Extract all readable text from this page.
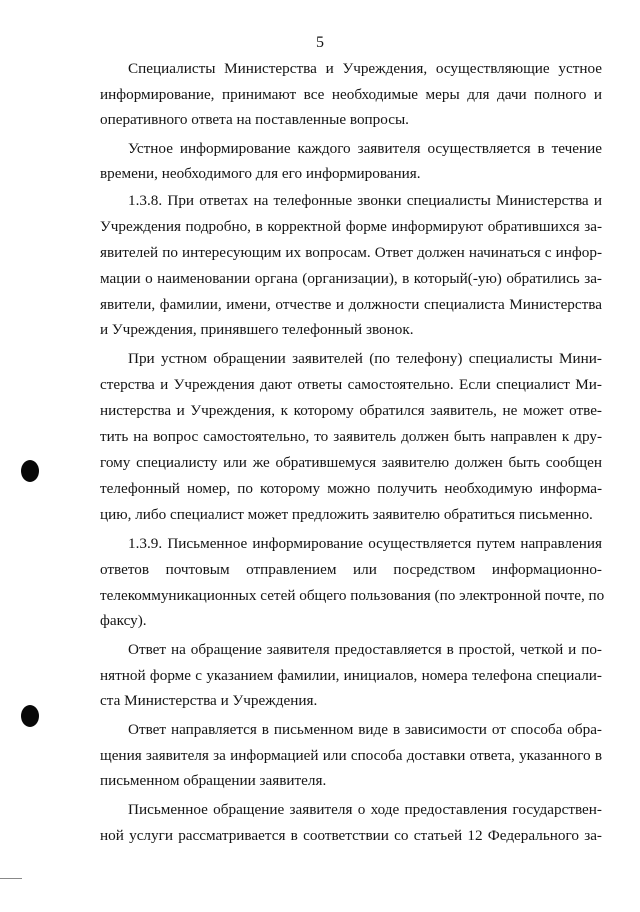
5
Специалисты Министерства и Учреждения, осуществляющие устное
информирование, принимают все необходимые меры для дачи полного и
оперативного ответа на поставленные вопросы.
Устное информирование каждого заявителя осуществляется в течение
времени, необходимого для его информирования.
1.3.8. При ответах на телефонные звонки специалисты Министерства и
Учреждения подробно, в корректной форме информируют обратившихся за-
явителей по интересующим их вопросам. Ответ должен начинаться с инфор-
мации о наименовании органа (организации), в который(-ую) обратились за-
явители, фамилии, имени, отчестве и должности специалиста Министерства
и Учреждения, принявшего телефонный звонок.
При устном обращении заявителей (по телефону) специалисты Мини-
стерства и Учреждения дают ответы самостоятельно. Если специалист Ми-
нистерства и Учреждения, к которому обратился заявитель, не может отве-
тить на вопрос самостоятельно, то заявитель должен быть направлен к дру-
гому специалисту или же обратившемуся заявителю должен быть сообщен
телефонный номер, по которому можно получить необходимую информа-
цию, либо специалист может предложить заявителю обратиться письменно.
1.3.9. Письменное информирование осуществляется путем направления
ответов почтовым отправлением или посредством информационно-
телекоммуникационных сетей общего пользования (по электронной почте, по
факсу).
Ответ на обращение заявителя предоставляется в простой, четкой и по-
нятной форме с указанием фамилии, инициалов, номера телефона специали-
ста Министерства и Учреждения.
Ответ направляется в письменном виде в зависимости от способа обра-
щения заявителя за информацией или способа доставки ответа, указанного в
письменном обращении заявителя.
Письменное обращение заявителя о ходе предоставления государствен-
ной услуги рассматривается в соответствии со статьей 12 Федерального за-
